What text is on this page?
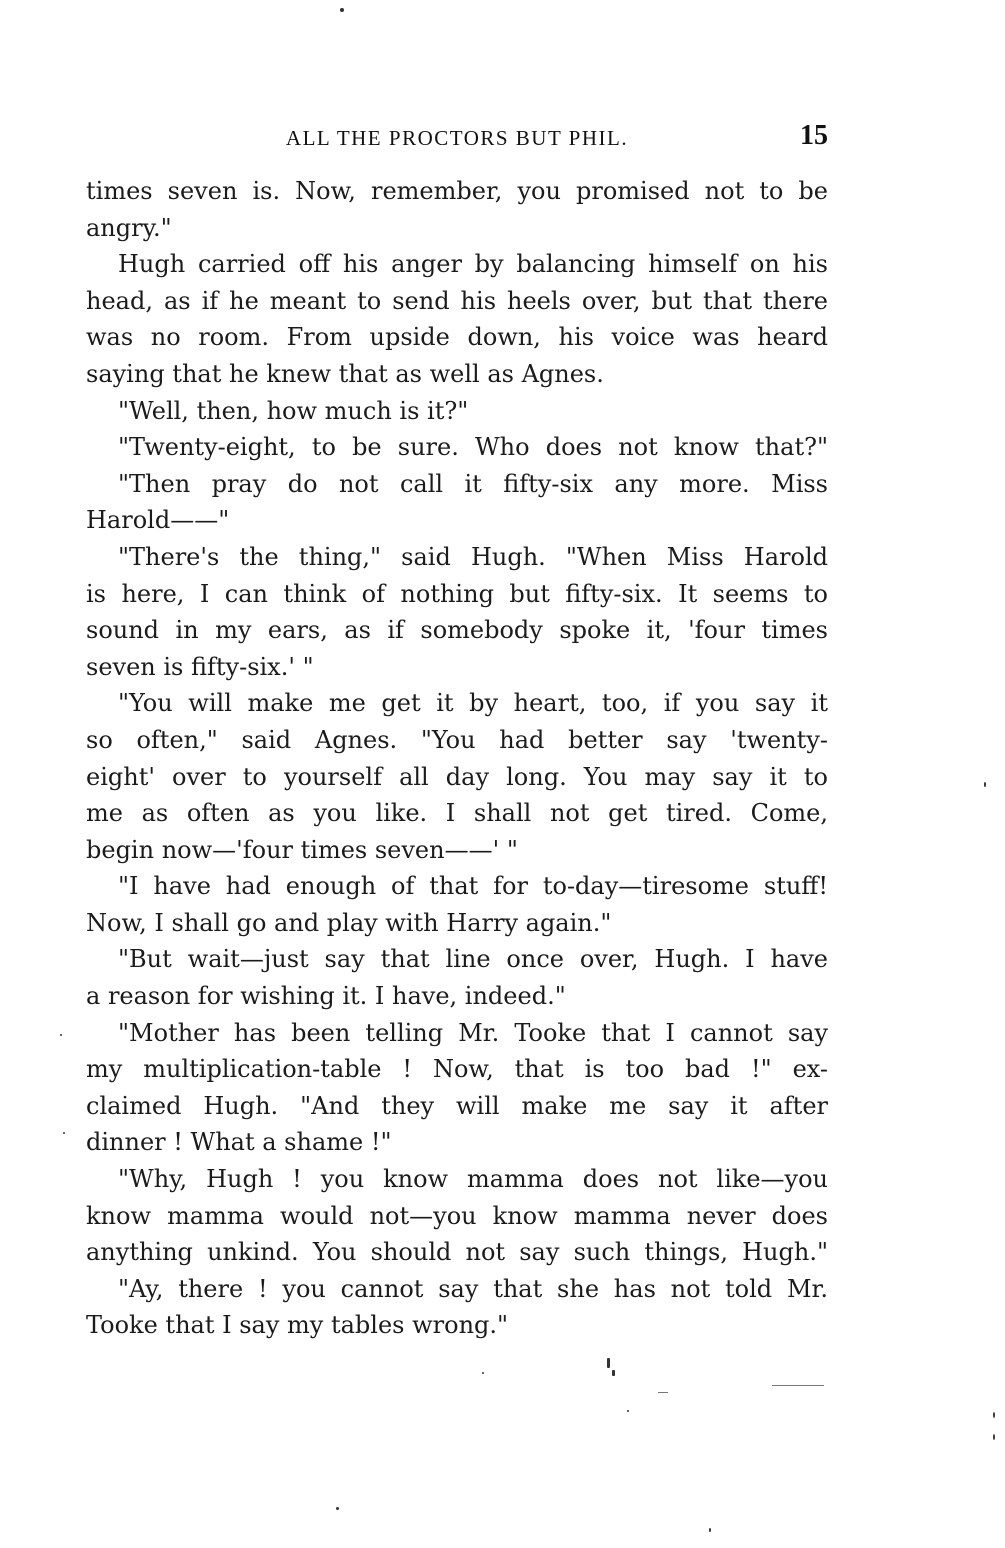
ALL THE PROCTORS BUT PHIL.	15
times seven is. Now, remember, you promised not to be
angry."
Hugh carried off his anger by balancing himself on his
head, as if he meant to send his heels over, but that there
was no room. From upside down, his voice was heard
saying that he knew that as well as Agnes.
"Well, then, how much is it?"
"Twenty-eight, to be sure. Who does not know that?"
"Then pray do not call it fifty-six any more. Miss
Harold——"
"There's the thing," said Hugh. "When Miss Harold
is here, I can think of nothing but fifty-six. It seems to
sound in my ears, as if somebody spoke it, 'four times
seven is fifty-six.' "
"You will make me get it by heart, too, if you say it
so often," said Agnes. "You had better say 'twenty-
eight' over to yourself all day long. You may say it to
me as often as you like. I shall not get tired. Come,
begin now—'four times seven——' "
"I have had enough of that for to-day—tiresome stuff!
Now, I shall go and play with Harry again."
"But wait—just say that line once over, Hugh. I have
a reason for wishing it. I have, indeed."
"Mother has been telling Mr. Tooke that I cannot say
my multiplication-table ! Now, that is too bad !" ex-
claimed Hugh. "And they will make me say it after
dinner ! What a shame !"
"Why, Hugh ! you know mamma does not like—you
know mamma would not—you know mamma never does
anything unkind. You should not say such things, Hugh."
"Ay, there ! you cannot say that she has not told Mr.
Tooke that I say my tables wrong."
